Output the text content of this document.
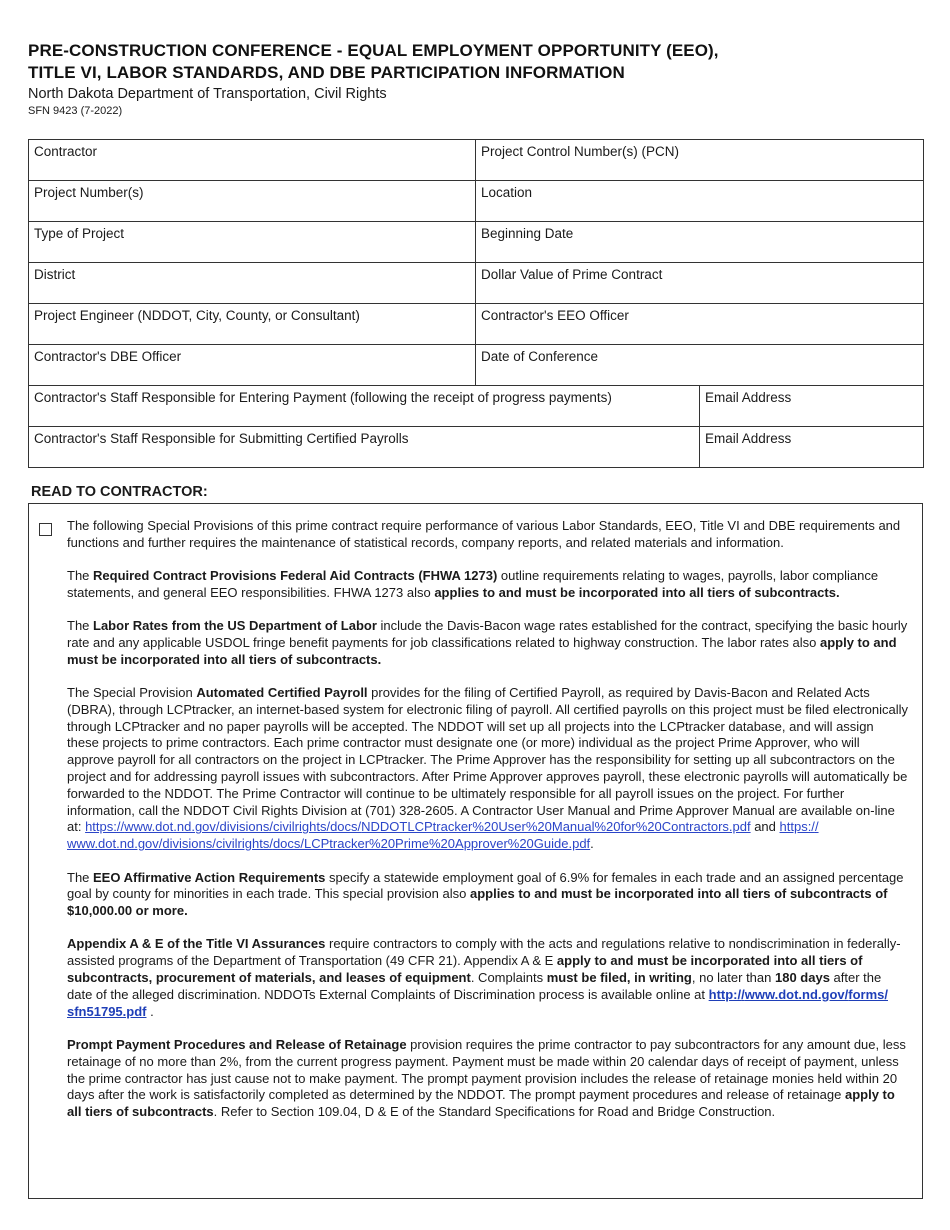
PRE-CONSTRUCTION CONFERENCE - EQUAL EMPLOYMENT OPPORTUNITY (EEO),
TITLE VI, LABOR STANDARDS, AND DBE PARTICIPATION INFORMATION
North Dakota Department of Transportation, Civil Rights
SFN 9423 (7-2022)
Contractor	Project Control Number(s) (PCN)	
Project Number(s)	Location	
Type of Project	Beginning Date	
District	Dollar Value of Prime Contract	
Project Engineer (NDDOT, City, County, or Consultant)	Contractor's EEO Officer	
Contractor's DBE Officer	Date of Conference	
Contractor's Staff Responsible for Entering Payment (following the receipt of progress payments)		Email Address
Contractor's Staff Responsible for Submitting Certified Payrolls		Email Address
READ TO CONTRACTOR:

The following Special Provisions of this prime contract require performance of various Labor Standards, EEO, Title VI and DBE requirements and functions and further requires the maintenance of statistical records, company reports, and related materials and information.

The Required Contract Provisions Federal Aid Contracts (FHWA 1273) outline requirements relating to wages, payrolls, labor compliance statements, and general EEO responsibilities. FHWA 1273 also applies to and must be incorporated into all tiers of subcontracts.

The Labor Rates from the US Department of Labor include the Davis-Bacon wage rates established for the contract, specifying the basic hourly rate and any applicable USDOL fringe benefit payments for job classifications related to highway construction. The labor rates also apply to and must be incorporated into all tiers of subcontracts.

The Special Provision Automated Certified Payroll provides for the filing of Certified Payroll, as required by Davis-Bacon and Related Acts (DBRA), through LCPtracker, an internet-based system for electronic filing of payroll. All certified payrolls on this project must be filed electronically through LCPtracker and no paper payrolls will be accepted. The NDDOT will set up all projects into the LCPtracker database, and will assign these projects to prime contractors. Each prime contractor must designate one (or more) individual as the project Prime Approver, who will approve payroll for all contractors on the project in LCPtracker. The Prime Approver has the responsibility for setting up all subcontractors on the project and for addressing payroll issues with subcontractors. After Prime Approver approves payroll, these electronic payrolls will automatically be forwarded to the NDDOT. The Prime Contractor will continue to be ultimately responsible for all payroll issues on the project. For further information, call the NDDOT Civil Rights Division at (701) 328-2605. A Contractor User Manual and Prime Approver Manual are available on-line at: https://www.dot.nd.gov/divisions/civilrights/docs/NDDOTLCPtracker%20User%20Manual%20for%20Contractors.pdf and https://www.dot.nd.gov/divisions/civilrights/docs/LCPtracker%20Prime%20Approver%20Guide.pdf.

The EEO Affirmative Action Requirements specify a statewide employment goal of 6.9% for females in each trade and an assigned percentage goal by county for minorities in each trade. This special provision also applies to and must be incorporated into all tiers of subcontracts of $10,000.00 or more.

Appendix A & E of the Title VI Assurances require contractors to comply with the acts and regulations relative to nondiscrimination in federally-assisted programs of the Department of Transportation (49 CFR 21). Appendix A & E apply to and must be incorporated into all tiers of subcontracts, procurement of materials, and leases of equipment. Complaints must be filed, in writing, no later than 180 days after the date of the alleged discrimination. NDDOTs External Complaints of Discrimination process is available online at http://www.dot.nd.gov/forms/sfn51795.pdf .

Prompt Payment Procedures and Release of Retainage provision requires the prime contractor to pay subcontractors for any amount due, less retainage of no more than 2%, from the current progress payment. Payment must be made within 20 calendar days of receipt of payment, unless the prime contractor has just cause not to make payment. The prompt payment provision includes the release of retainage monies held within 20 days after the work is satisfactorily completed as determined by the NDDOT. The prompt payment procedures and release of retainage apply to all tiers of subcontracts. Refer to Section 109.04, D & E of the Standard Specifications for Road and Bridge Construction.
